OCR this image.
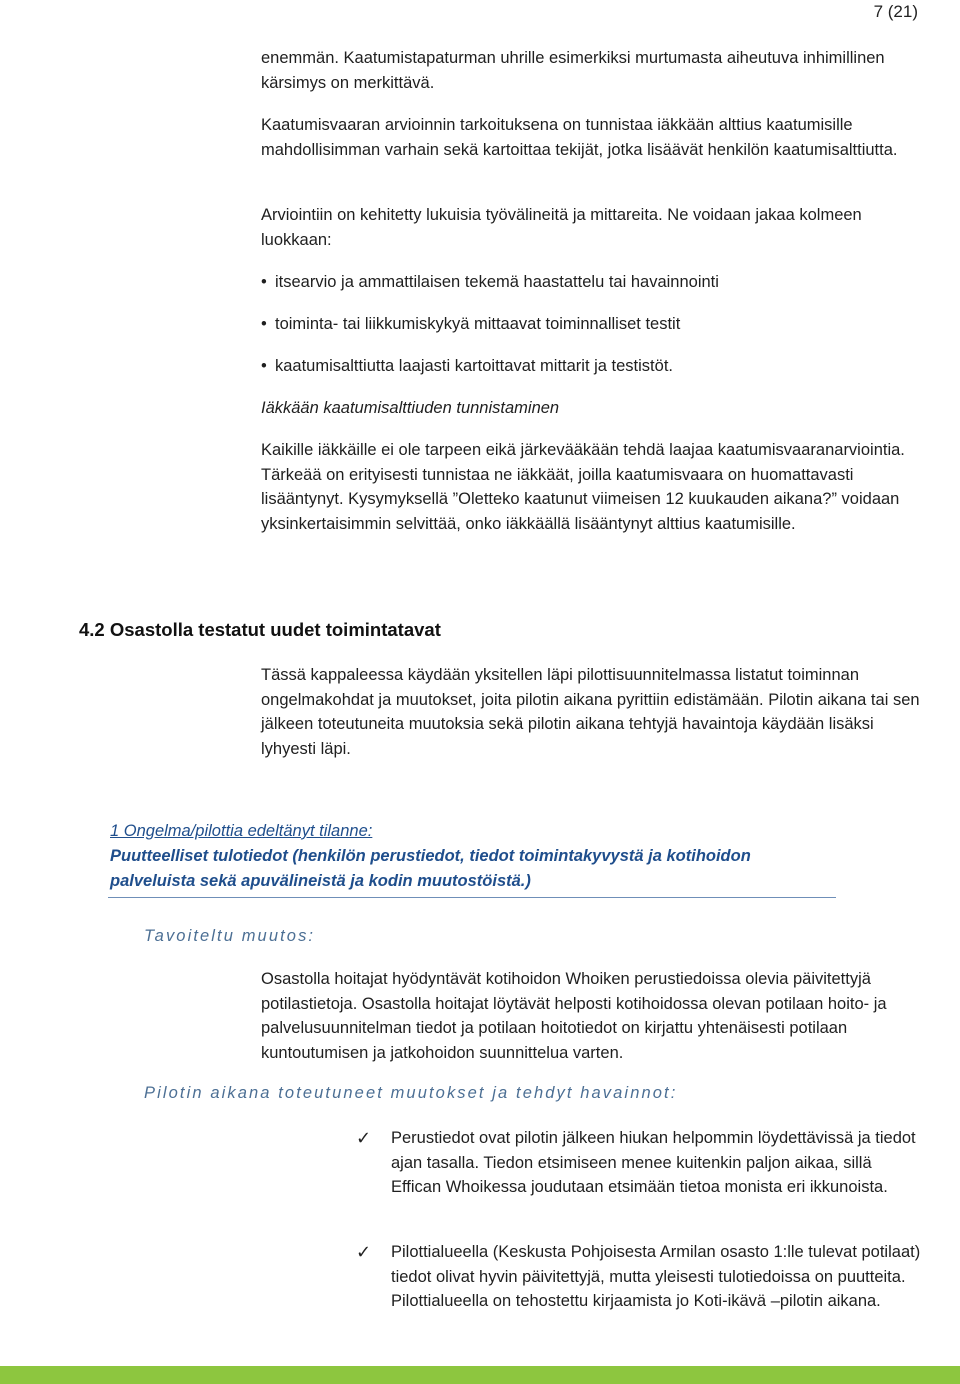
7 (21)

enemmän. Kaatumistapaturman uhrille esimerkiksi murtumasta aiheutuva inhimillinen kärsimys on merkittävä.

Kaatumisvaaran arvioinnin tarkoituksena on tunnistaa iäkkään alttius kaatumisille mahdollisimman varhain sekä kartoittaa tekijät, jotka lisäävät henkilön kaatumisalttiutta.

Arviointiin on kehitetty lukuisia työvälineitä ja mittareita. Ne voidaan jakaa kolmeen luokkaan:

• itsearvio ja ammattilaisen tekemä haastattelu tai havainnointi
• toiminta- tai liikkumiskykyä mittaavat toiminnalliset testit
• kaatumisalttiutta laajasti kartoittavat mittarit ja testistöt.
Iäkkään kaatumisalttiuden tunnistaminen

Kaikille iäkkäille ei ole tarpeen eikä järkevääkään tehdä laajaa kaatumisvaaranarviointia. Tärkeää on erityisesti tunnistaa ne iäkkäät, joilla kaatumisvaara on huomattavasti lisääntynyt. Kysymyksellä ”Oletteko kaatunut viimeisen 12 kuukauden aikana?” voidaan yksinkertaisimmin selvittää, onko iäkkäällä lisääntynyt alttius kaatumisille.

4.2 Osastolla testatut uudet toimintatavat

Tässä kappaleessa käydään yksitellen läpi pilottisuunnitelmassa listatut toiminnan ongelmakohdat ja muutokset, joita pilotin aikana pyrittiin edistämään. Pilotin aikana tai sen jälkeen toteutuneita muutoksia sekä pilotin aikana tehtyjä havaintoja käydään lisäksi lyhyesti läpi.

1 Ongelma/pilottia edeltänyt tilanne:
Puutteelliset tulotiedot (henkilön perustiedot, tiedot toimintakyvystä ja kotihoidon
palveluista sekä apuvälineistä ja kodin muutostöistä.)
Tavoiteltu muutos:

Osastolla hoitajat hyödyntävät kotihoidon Whoiken perustiedoissa olevia päivitettyjä potilastietoja. Osastolla hoitajat löytävät helposti kotihoidossa olevan potilaan hoito- ja palvelusuunnitelman tiedot ja potilaan hoitotiedot on kirjattu yhtenäisesti potilaan kuntoutumisen ja jatkohoidon suunnittelua varten.

Pilotin aikana toteutuneet muutokset ja tehdyt havainnot:
✓	Perustiedot ovat pilotin jälkeen hiukan helpommin löydettävissä ja tiedot ajan tasalla. Tiedon etsimiseen menee kuitenkin paljon aikaa, sillä Effican Whoikessa joudutaan etsimään tietoa monista eri ikkunoista.
✓	Pilottialueella (Keskusta Pohjoisesta Armilan osasto 1:lle tulevat potilaat) tiedot olivat hyvin päivitettyjä, mutta yleisesti tulotiedoissa on puutteita. Pilottialueella on tehostettu kirjaamista jo Koti-ikävä –pilotin aikana.
